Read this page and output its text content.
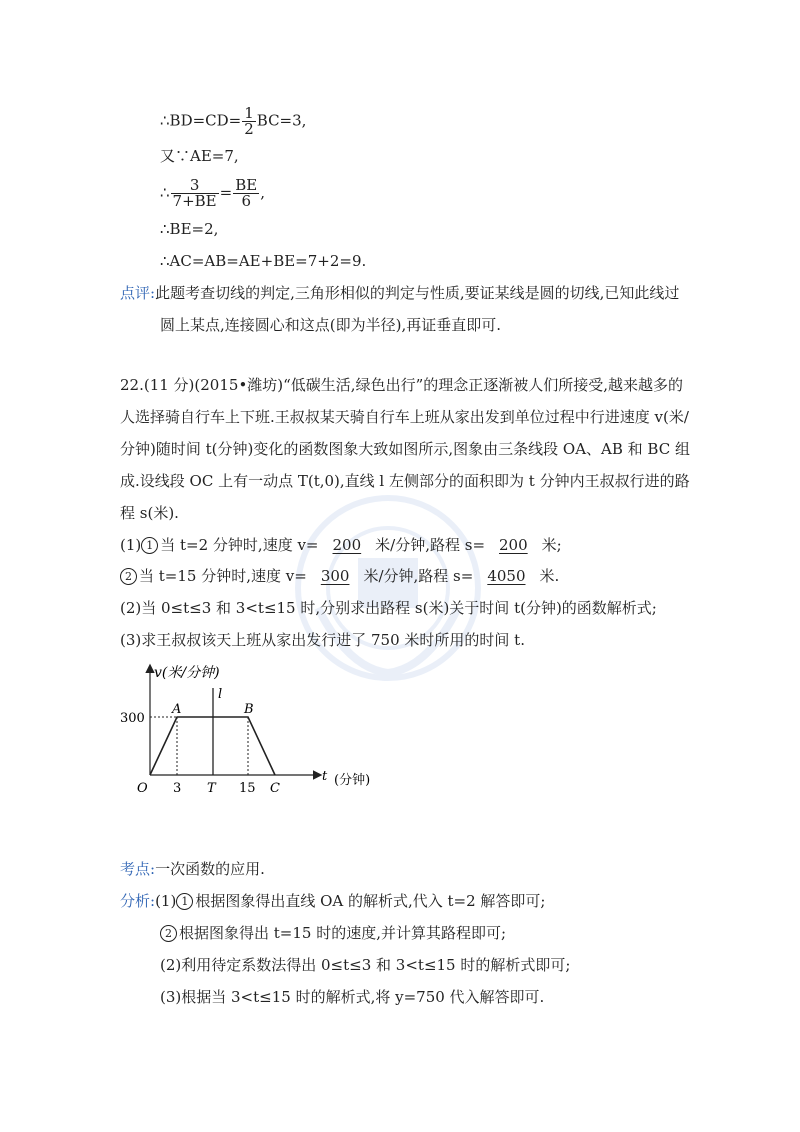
∴BD=CD= $\frac{1}{2} BC=3$,
又∵AE=7,
∴ $\frac{3}{7+BE} = \frac{BE}{6}$ ,
∴BE=2,
∴AC=AB=AE+BE=7+2=9.
点评:此题考查切线的判定,三角形相似的判定与性质,要证某线是圆的切线,已知此线过
圆上某点,连接圆心和这点(即为半径),再证垂直即可.
22.(11 分)(2015•潍坊)“低碳生活,绿色出行”的理念正逐渐被人们所接受,越来越多的
人选择骑自行车上下班.王叔叔某天骑自行车上班从家出发到单位过程中行进速度 v(米/
分钟)随时间 t(分钟)变化的函数图象大致如图所示,图象由三条线段 OA、AB 和 BC 组
成.设线段 OC 上有一动点 T(t,0),直线 l 左侧部分的面积即为 t 分钟内王叔叔行进的路
程 s(米).
(1) 1 当 t=2 分钟时,速度 v= 200 米/分钟,路程 s= 200 米;
2 当 t=15 分钟时,速度 v= 300 米/分钟,路程 s= 4050 米.
(2)当 0≤t≤3 和 3<t≤15 时,分别求出路程 s(米)关于时间 t(分钟)的函数解析式;
(3)求王叔叔该天上班从家出发行进了 750 米时所用的时间 t.
v(米/分钟)
l
300
A	B
O 3 T 15 C
t (分钟)
考点:一次函数的应用.
分析:(1) 1 根据图象得出直线 OA 的解析式,代入 t=2 解答即可;
2 根据图象得出 t=15 时的速度,并计算其路程即可;
(2)利用待定系数法得出 0≤t≤3 和 3<t≤15 时的解析式即可;
(3)根据当 3<t≤15 时的解析式,将 y=750 代入解答即可.
